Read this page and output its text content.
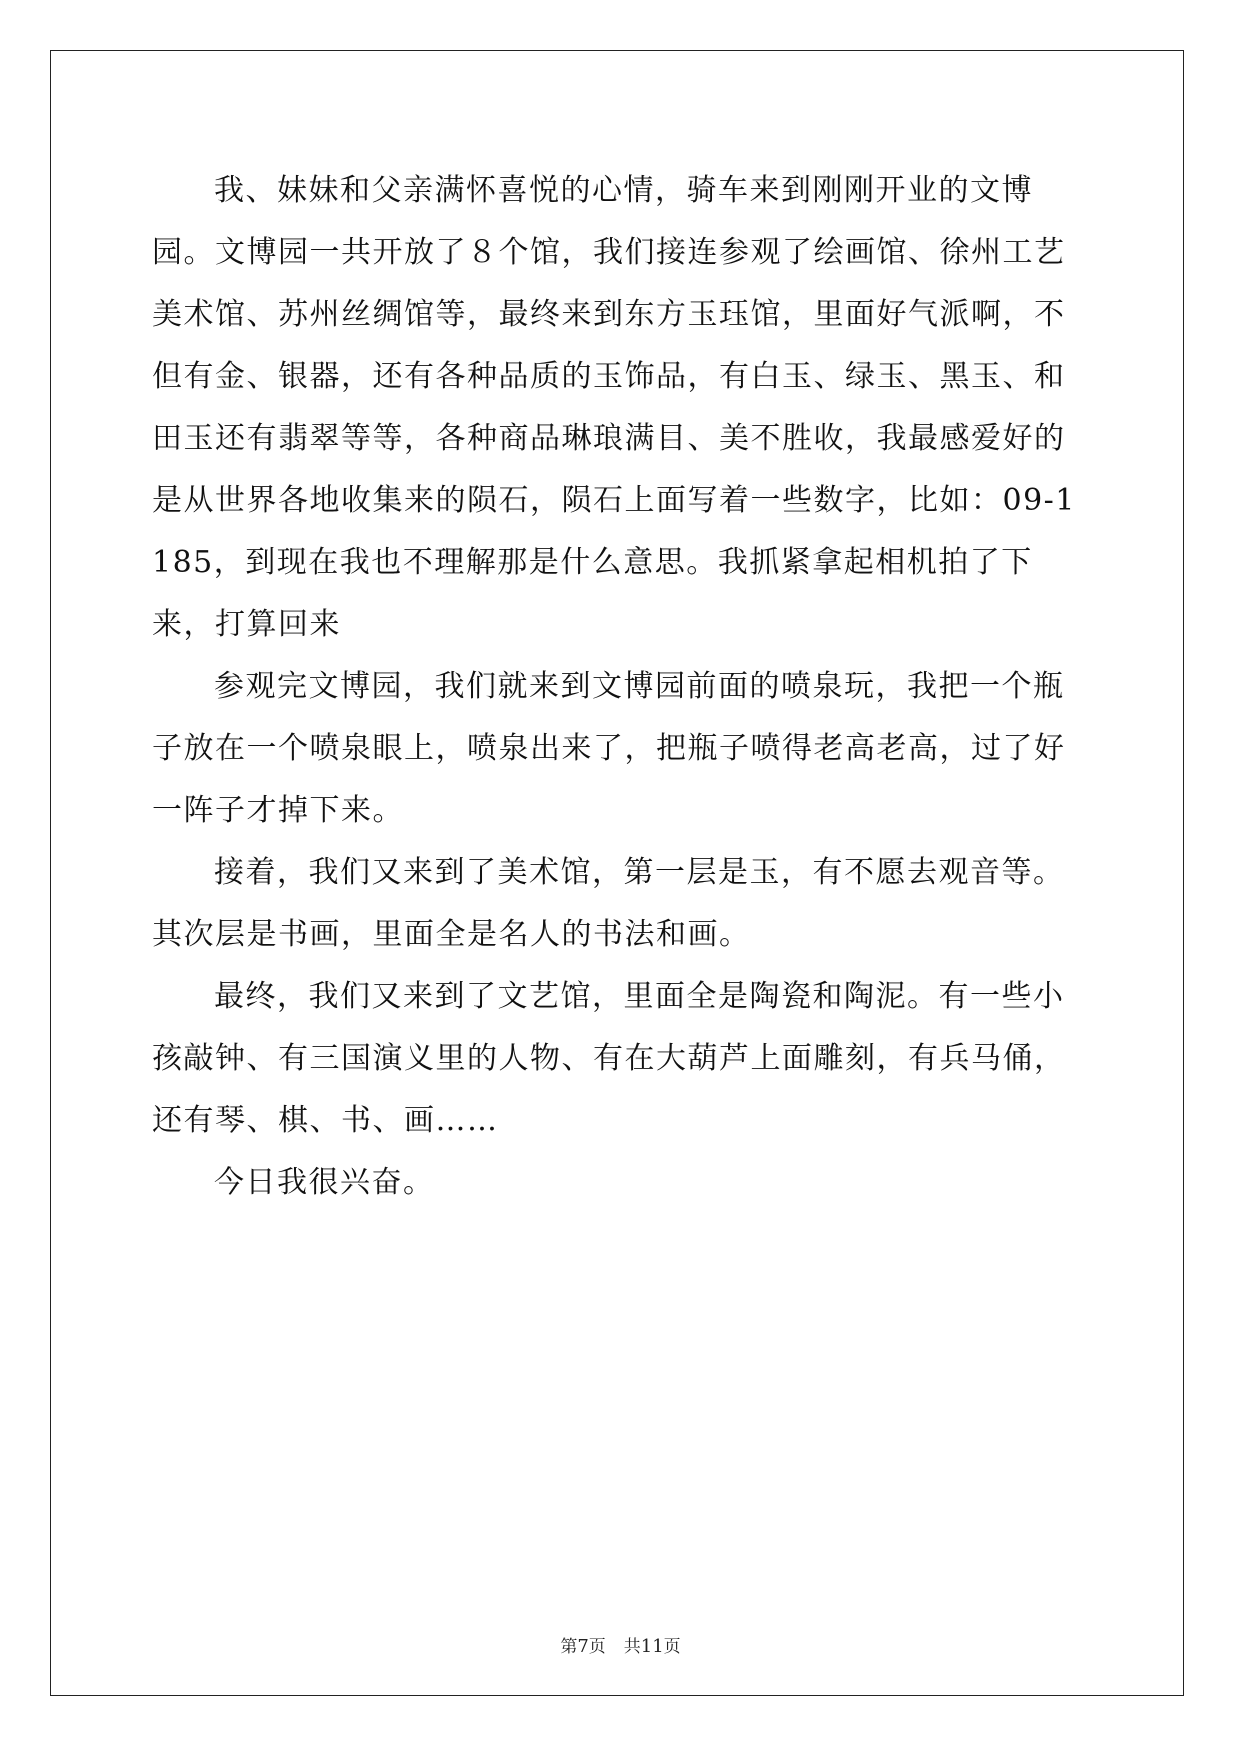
我、妹妹和父亲满怀喜悦的心情，骑车来到刚刚开业的文博园。文博园一共开放了８个馆，我们接连参观了绘画馆、徐州工艺美术馆、苏州丝绸馆等，最终来到东方玉珏馆，里面好气派啊，不但有金、银器，还有各种品质的玉饰品，有白玉、绿玉、黑玉、和田玉还有翡翠等等，各种商品琳琅满目、美不胜收，我最感爱好的是从世界各地收集来的陨石，陨石上面写着一些数字，比如：09-1185，到现在我也不理解那是什么意思。我抓紧拿起相机拍了下来，打算回来

参观完文博园，我们就来到文博园前面的喷泉玩，我把一个瓶子放在一个喷泉眼上，喷泉出来了，把瓶子喷得老高老高，过了好一阵子才掉下来。

接着，我们又来到了美术馆，第一层是玉，有不愿去观音等。其次层是书画，里面全是名人的书法和画。

最终，我们又来到了文艺馆，里面全是陶瓷和陶泥。有一些小孩敲钟、有三国演义里的人物、有在大葫芦上面雕刻，有兵马俑，还有琴、棋、书、画……

今日我很兴奋。

第7页 共11页
